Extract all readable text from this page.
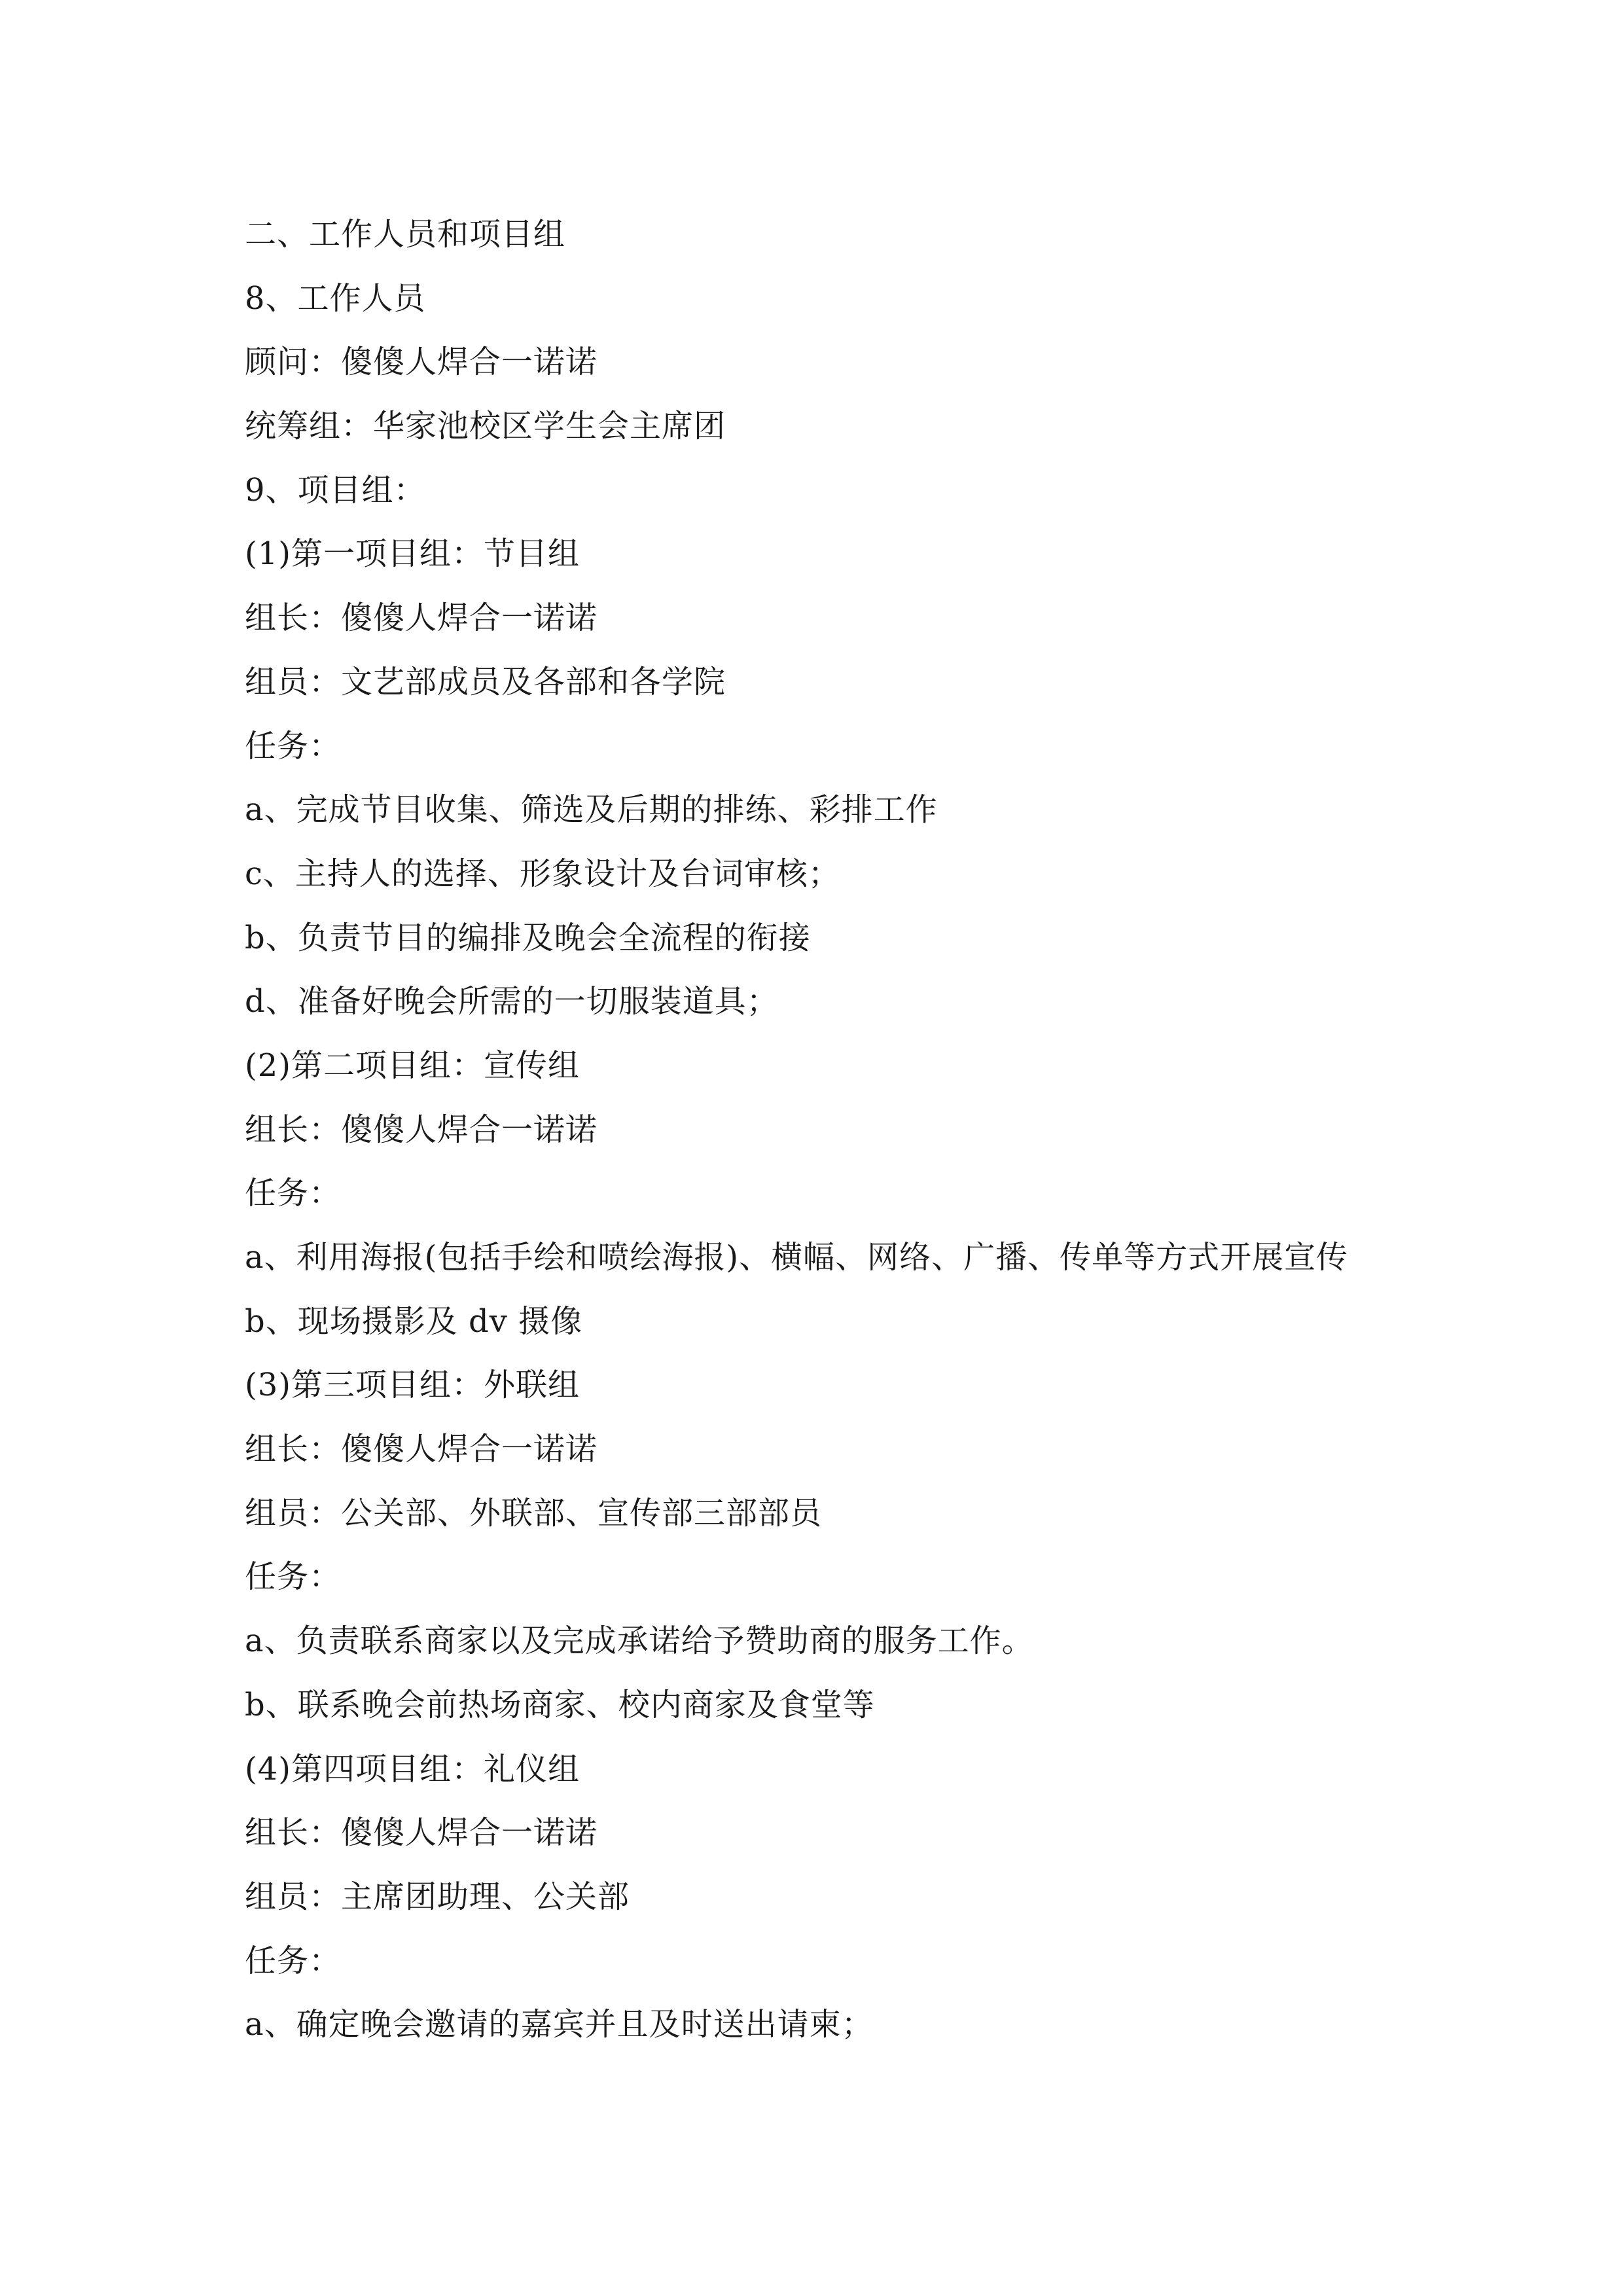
二、工作人员和项目组
8、工作人员
顾问：傻傻人焊合一诺诺
统筹组：华家池校区学生会主席团
9、项目组：
(1)第一项目组：节目组
组长：傻傻人焊合一诺诺
组员：文艺部成员及各部和各学院
任务：
a、完成节目收集、筛选及后期的排练、彩排工作
c、主持人的选择、形象设计及台词审核；
b、负责节目的编排及晚会全流程的衔接
d、准备好晚会所需的一切服装道具；
(2)第二项目组：宣传组
组长：傻傻人焊合一诺诺
任务：
a、利用海报(包括手绘和喷绘海报)、横幅、网络、广播、传单等方式开展宣传
b、现场摄影及 dv 摄像
(3)第三项目组：外联组
组长：傻傻人焊合一诺诺
组员：公关部、外联部、宣传部三部部员
任务：
a、负责联系商家以及完成承诺给予赞助商的服务工作。
b、联系晚会前热场商家、校内商家及食堂等
(4)第四项目组：礼仪组
组长：傻傻人焊合一诺诺
组员：主席团助理、公关部
任务：
a、确定晚会邀请的嘉宾并且及时送出请柬；
